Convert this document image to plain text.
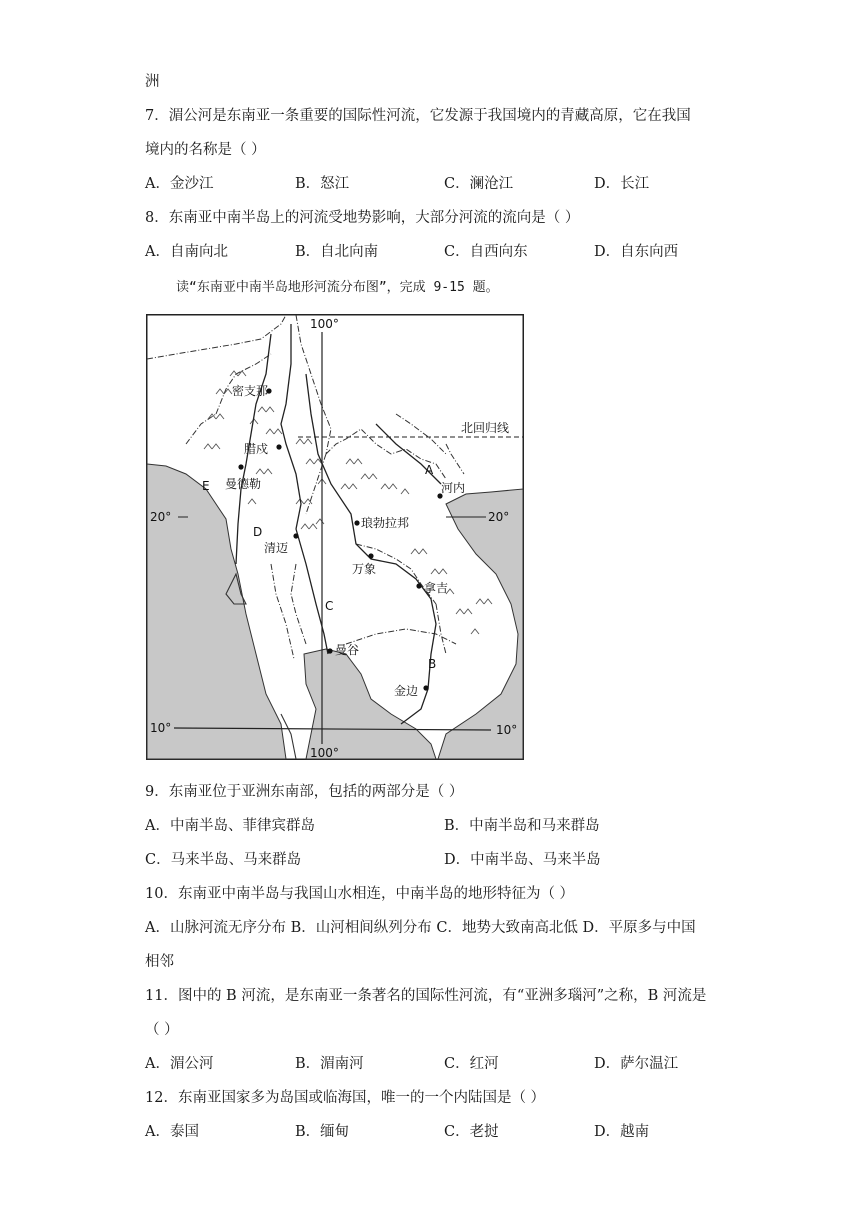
洲
7．湄公河是东南亚一条重要的国际性河流，它发源于我国境内的青藏高原，它在我国
境内的名称是（ ）
A．金沙江	B．怒江	C．澜沧江	D．长江
8．东南亚中南半岛上的河流受地势影响，大部分河流的流向是（ ）
A．自南向北	B．自北向南	C．自西向东	D．自东向西
读“东南亚中南半岛地形河流分布图”，完成 9-15 题。
100°
100°
北回归线
20°	20°
10°	10°
密支那
腊戍
曼德勒
清迈
琅勃拉邦
河内
万象
拿吉
曼谷
金边
A
B
C
D
E
9．东南亚位于亚洲东南部，包括的两部分是（ ）
A．中南半岛、菲律宾群岛	B．中南半岛和马来群岛
C．马来半岛、马来群岛	D．中南半岛、马来半岛
10．东南亚中南半岛与我国山水相连，中南半岛的地形特征为（ ）
A．山脉河流无序分布 B．山河相间纵列分布 C．地势大致南高北低 D．平原多与中国
相邻
11．图中的 B 河流，是东南亚一条著名的国际性河流，有“亚洲多瑙河”之称，B 河流是
（ ）
A．湄公河	B．湄南河	C．红河	D．萨尔温江
12．东南亚国家多为岛国或临海国，唯一的一个内陆国是（ ）
A．泰国	B．缅甸	C．老挝	D．越南
